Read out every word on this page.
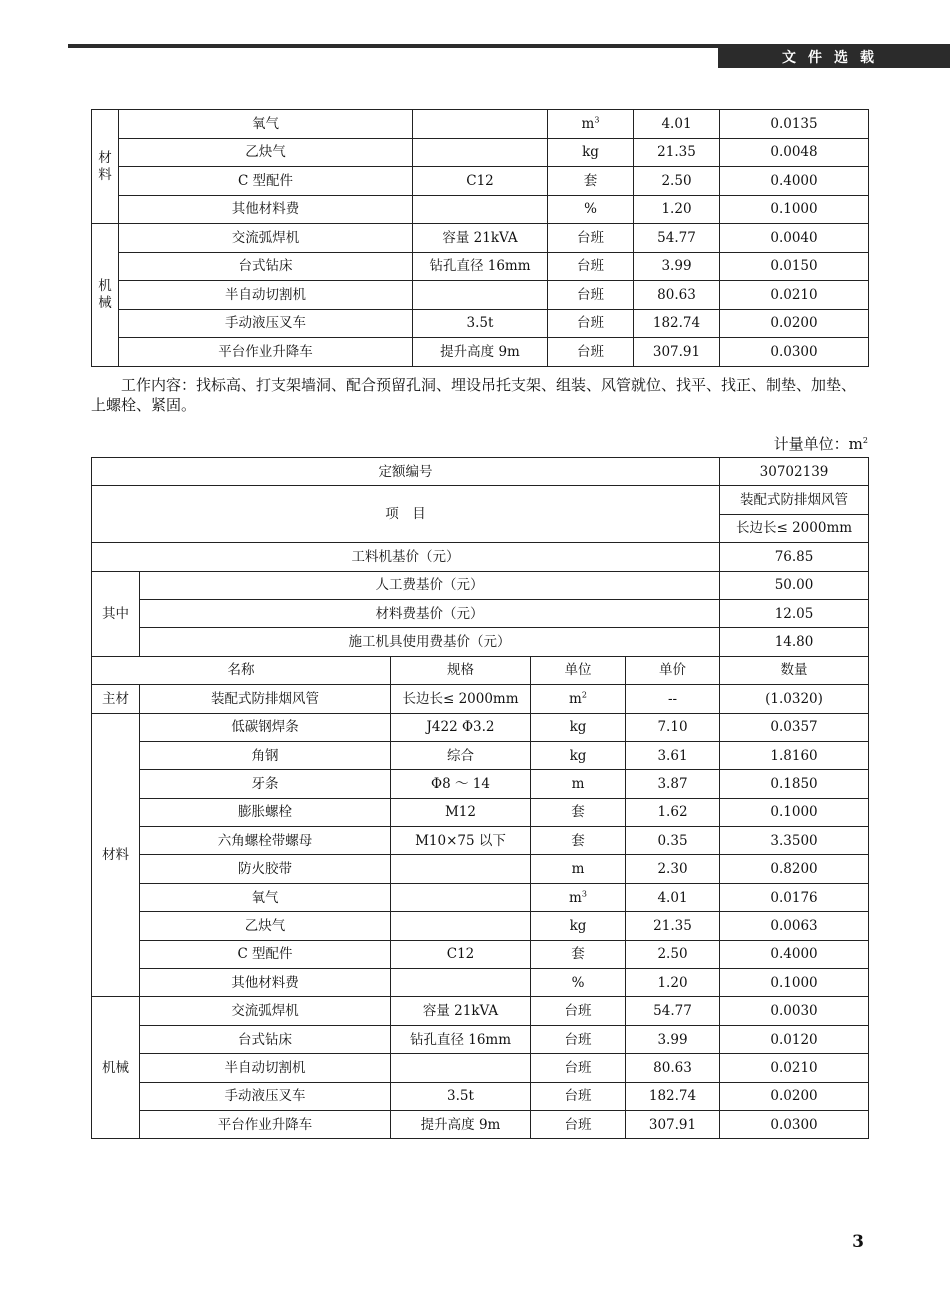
文件选载
材料	氧气		$m^3$	4.01	0.0135
	乙炔气		kg	21.35	0.0048
	C 型配件	C12	套	2.50	0.4000
	其他材料费		%	1.20	0.1000
机械	交流弧焊机	容量 21kVA	台班	54.77	0.0040
	台式钻床	钻孔直径 16mm	台班	3.99	0.0150
	半自动切割机		台班	80.63	0.0210
	手动液压叉车	3.5t	台班	182.74	0.0200
	平台作业升降车	提升高度 9m	台班	307.91	0.0300
工作内容：找标高、打支架墙洞、配合预留孔洞、埋设吊托支架、组装、风管就位、找平、找正、制垫、加垫、上螺栓、紧固。
计量单位：$m^2$
定额编号					30702139
项　目					装配式防排烟风管
					长边长≤ 2000mm
工料机基价（元）					76.85
其中	人工费基价（元）				50.00
	材料费基价（元）				12.05
	施工机具使用费基价（元）				14.80
名称		规格	单位	单价	数量
主材	装配式防排烟风管	长边长≤ 2000mm	$m^2$	--	(1.0320)
材料	低碳钢焊条	J422 Φ3.2	kg	7.10	0.0357
	角钢	综合	kg	3.61	1.8160
	牙条	Φ8 ～ 14	m	3.87	0.1850
	膨胀螺栓	M12	套	1.62	0.1000
	六角螺栓带螺母	M10×75 以下	套	0.35	3.3500
	防火胶带		m	2.30	0.8200
	氧气		$m^3$	4.01	0.0176
	乙炔气		kg	21.35	0.0063
	C 型配件	C12	套	2.50	0.4000
	其他材料费		%	1.20	0.1000
机械	交流弧焊机	容量 21kVA	台班	54.77	0.0030
	台式钻床	钻孔直径 16mm	台班	3.99	0.0120
	半自动切割机		台班	80.63	0.0210
	手动液压叉车	3.5t	台班	182.74	0.0200
	平台作业升降车	提升高度 9m	台班	307.91	0.0300
3
